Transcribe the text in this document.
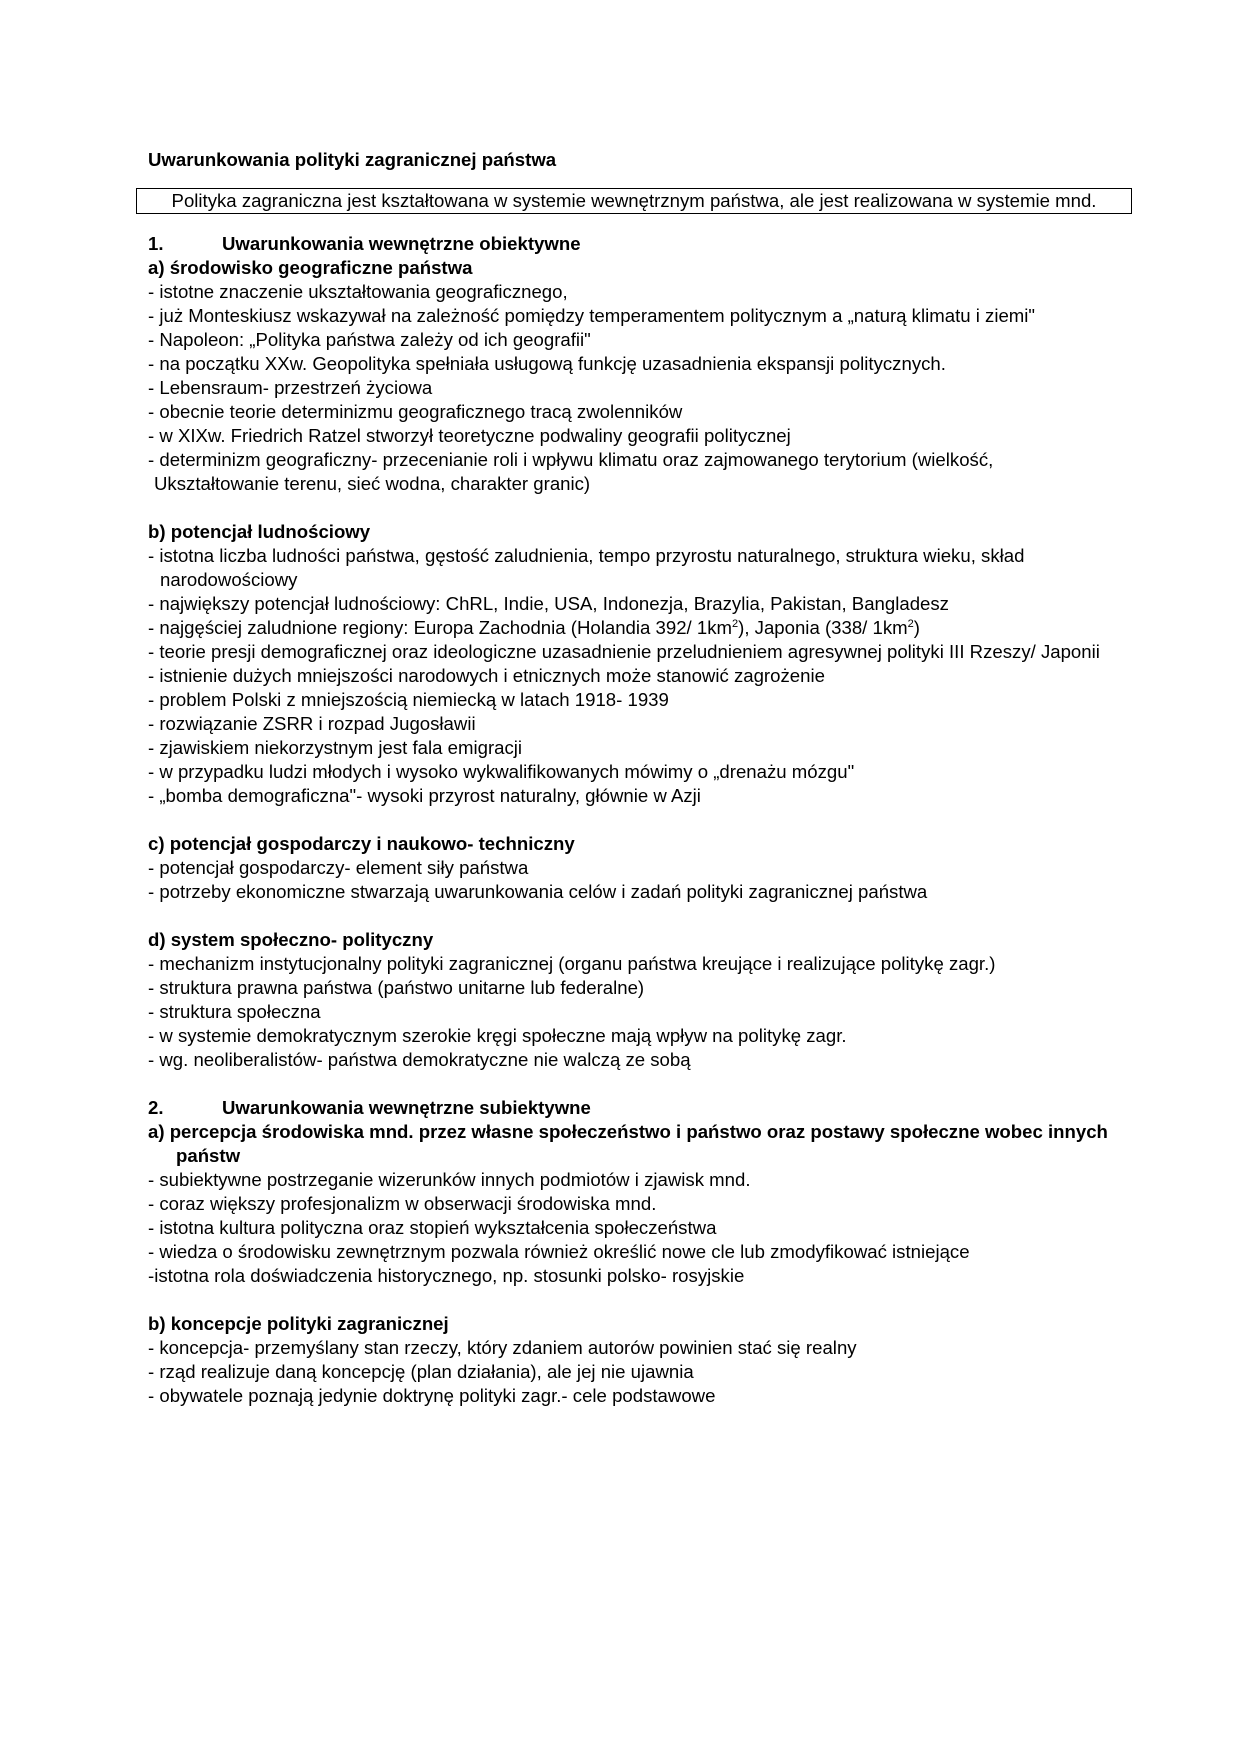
Uwarunkowania polityki zagranicznej państwa
Polityka zagraniczna jest kształtowana w systemie wewnętrznym państwa, ale jest realizowana w systemie mnd.
1.	Uwarunkowania wewnętrzne obiektywne
a) środowisko geograficzne państwa
- istotne znaczenie ukształtowania geograficznego,
- już Monteskiusz wskazywał na zależność pomiędzy temperamentem politycznym a „naturą klimatu i ziemi"
- Napoleon: „Polityka państwa zależy od ich geografii"
- na początku XXw. Geopolityka spełniała usługową funkcję uzasadnienia ekspansji politycznych.
- Lebensraum- przestrzeń życiowa
- obecnie teorie determinizmu geograficznego tracą zwolenników
- w XIXw. Friedrich Ratzel stworzył teoretyczne podwaliny geografii politycznej
- determinizm geograficzny- przecenianie roli i wpływu klimatu oraz zajmowanego terytorium (wielkość,
Ukształtowanie terenu, sieć wodna, charakter granic)
b) potencjał ludnościowy
- istotna liczba ludności państwa, gęstość zaludnienia, tempo przyrostu naturalnego, struktura wieku, skład
narodowościowy
- największy potencjał ludnościowy: ChRL, Indie, USA, Indonezja, Brazylia, Pakistan, Bangladesz
- najgęściej zaludnione regiony: Europa Zachodnia (Holandia 392/ $1km^2$), Japonia (338/ $1km^2$)
- teorie presji demograficznej oraz ideologiczne uzasadnienie przeludnieniem agresywnej polityki III Rzeszy/ Japonii
- istnienie dużych mniejszości narodowych i etnicznych może stanowić zagrożenie
- problem Polski z mniejszością niemiecką w latach 1918- 1939
- rozwiązanie ZSRR i rozpad Jugosławii
- zjawiskiem niekorzystnym jest fala emigracji
- w przypadku ludzi młodych i wysoko wykwalifikowanych mówimy o „drenażu mózgu"
- „bomba demograficzna"- wysoki przyrost naturalny, głównie w Azji
c) potencjał gospodarczy i naukowo- techniczny
- potencjał gospodarczy- element siły państwa
- potrzeby ekonomiczne stwarzają uwarunkowania celów i zadań polityki zagranicznej państwa
d) system społeczno- polityczny
- mechanizm instytucjonalny polityki zagranicznej (organu państwa kreujące i realizujące politykę zagr.)
- struktura prawna państwa (państwo unitarne lub federalne)
- struktura społeczna
- w systemie demokratycznym szerokie kręgi społeczne mają wpływ na politykę zagr.
- wg. neoliberalistów- państwa demokratyczne nie walczą ze sobą
2.	Uwarunkowania wewnętrzne subiektywne
a) percepcja środowiska mnd. przez własne społeczeństwo i państwo oraz postawy społeczne wobec innych
państw
- subiektywne postrzeganie wizerunków innych podmiotów i zjawisk mnd.
- coraz większy profesjonalizm w obserwacji środowiska mnd.
- istotna kultura polityczna oraz stopień wykształcenia społeczeństwa
- wiedza o środowisku zewnętrznym pozwala również określić nowe cle lub zmodyfikować istniejące
-istotna rola doświadczenia historycznego, np. stosunki polsko- rosyjskie
b) koncepcje polityki zagranicznej
- koncepcja- przemyślany stan rzeczy, który zdaniem autorów powinien stać się realny
- rząd realizuje daną koncepcję (plan działania), ale jej nie ujawnia
- obywatele poznają jedynie doktrynę polityki zagr.- cele podstawowe
